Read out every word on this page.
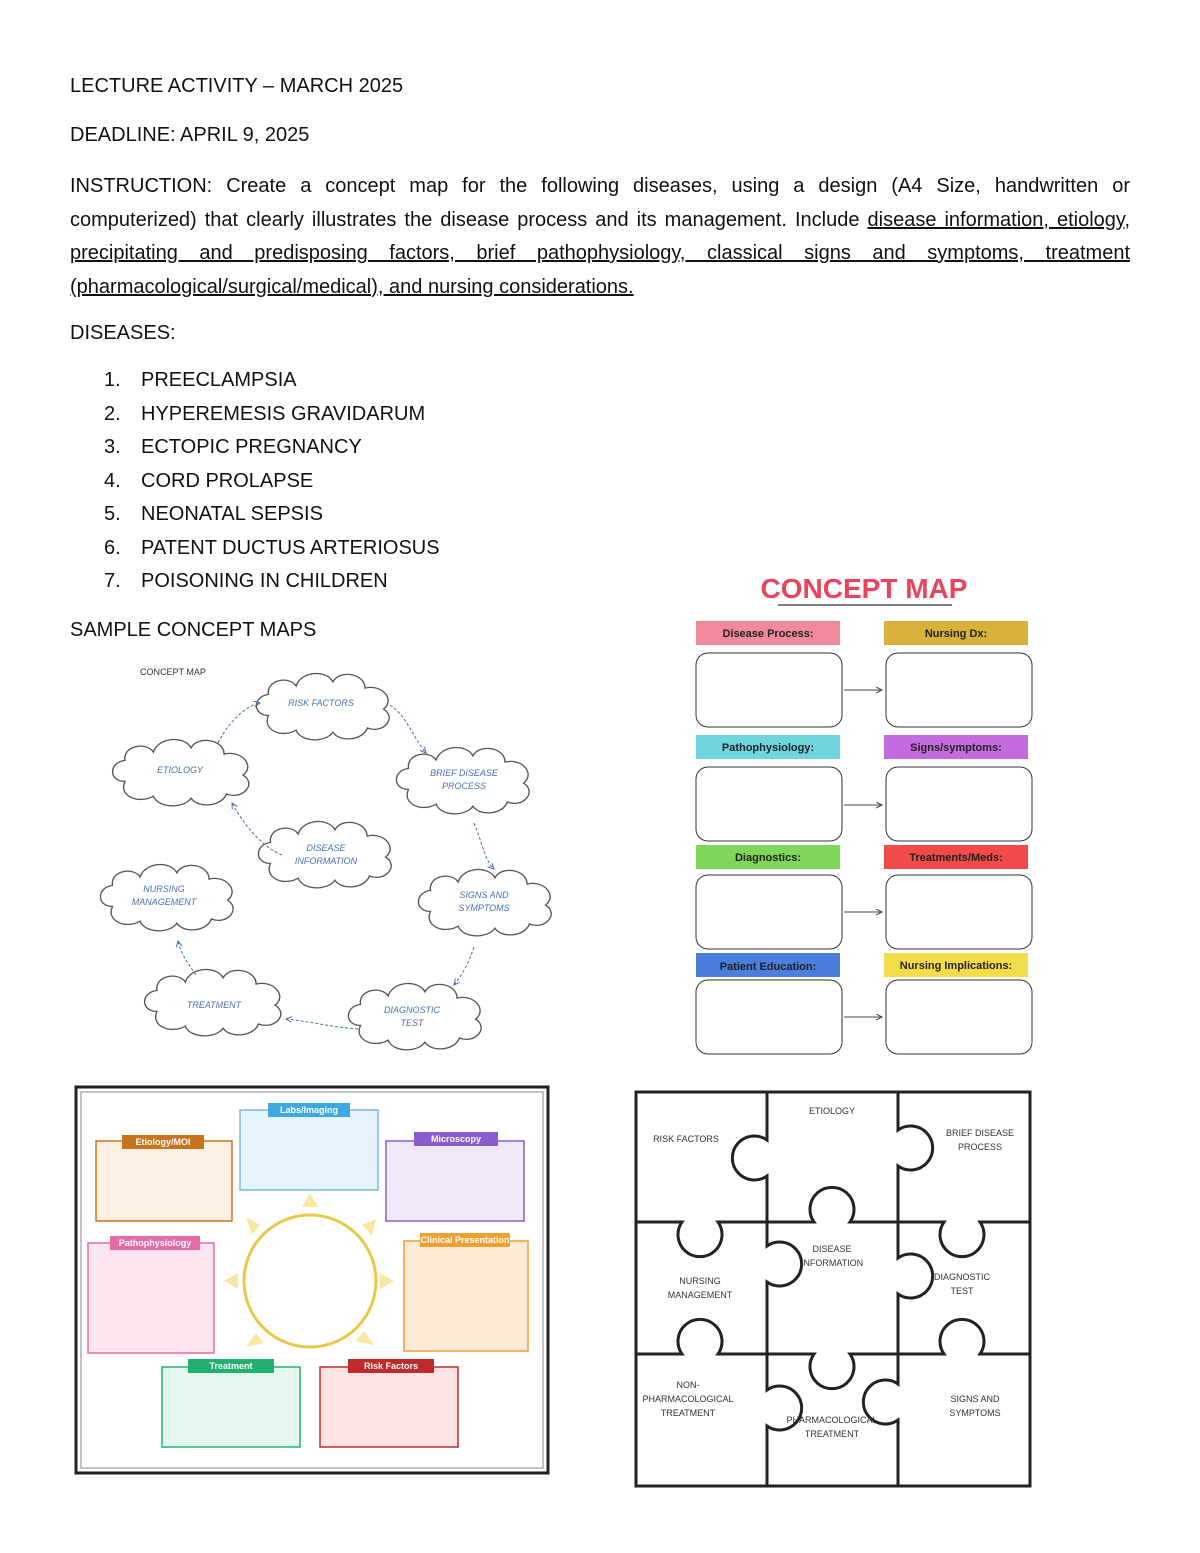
LECTURE ACTIVITY – MARCH 2025
DEADLINE: APRIL 9, 2025
INSTRUCTION: Create a concept map for the following diseases, using a design (A4 Size, handwritten or computerized) that clearly illustrates the disease process and its management. Include disease information, etiology, precipitating and predisposing factors, brief pathophysiology, classical signs and symptoms, treatment (pharmacological/surgical/medical), and nursing considerations.
DISEASES:
1.	PREECLAMPSIA
2.	HYPEREMESIS GRAVIDARUM
3.	ECTOPIC PREGNANCY
4.	CORD PROLAPSE
5.	NEONATAL SEPSIS
6.	PATENT DUCTUS ARTERIOSUS
7.	POISONING IN CHILDREN
SAMPLE CONCEPT MAPS
CONCEPT MAP
RISK FACTORS
ETIOLOGY	BRIEF DISEASE
PROCESS
DISEASE
INFORMATION
NURSING
MANAGEMENT
SIGNS AND
SYMPTOMS
TREATMENT	DIAGNOSTIC
TEST
CONCEPT MAP
Disease Process:	Nursing Dx:
Pathophysiology:	Signs/symptoms:
Diagnostics:	Treatments/Meds:
Patient Education:	Nursing Implications:
Labs/Imaging
Etiology/MOI	Microscopy
Pathophysiology	Clinical Presentation
Treatment	Risk Factors
RISK FACTORS
ETIOLOGY
BRIEF DISEASE
PROCESS
NURSING
MANAGEMENT
DISEASE
INFORMATION
DIAGNOSTIC
TEST
NON-
PHARMACOLOGICAL
TREATMENT
PHARMACOLOGICAL
TREATMENT
SIGNS AND
SYMPTOMS
